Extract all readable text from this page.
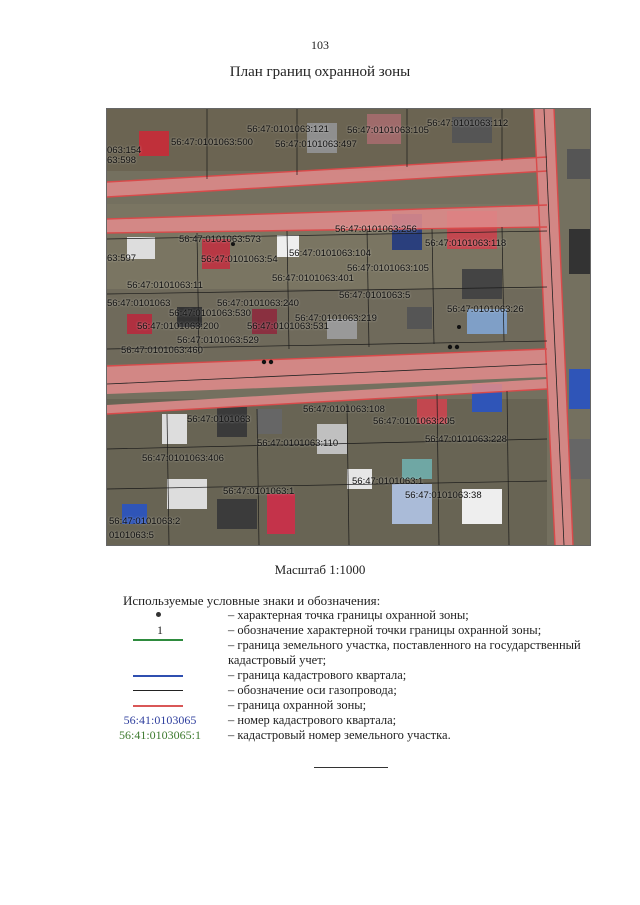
103
План границ охранной зоны
56:47:0101063:121 56:47:0101063:105
56:47:0101063:112
063:154
63:598
56:47:0101063:500 56:47:0101063:497
56:47:0101063:573
56:47:0101063:256
56:47:0101063:118
56:47:0101063:54
56:47:0101063:104
56:47:0101063:105
56:47:0101063:401
63:597
56:47:0101063:11
56:47:0101063:240
56:47:0101063:5
56:47:0101063
56:47:0101063:530	56:47:0101063:219
56:47:0101063:26
56:47:0101063:200	56:47:0101063:531
56:47:0101063:529
56:47:0101063:460
56:47:0101063:108
56:47:0101063:205
56:47:0101063
56:47:0101063:110	56:47:0101063:228
56:47:0101063:406
56:47:0101063:1
56:47:0101063:1	56:47:0101063:38
0101063:5
56:47:0101063:2
Масштаб 1:1000
Используемые условные знаки и обозначения:
– характерная точка границы охранной зоны;
1	– обозначение характерной точки границы охранной зоны;
– граница земельного участка, поставленного на государственный кадастровый учет;
– граница кадастрового квартала;
– обозначение оси газопровода;
– граница охранной зоны;
56:41:0103065	– номер кадастрового квартала;
56:41:0103065:1	– кадастровый номер земельного участка.
